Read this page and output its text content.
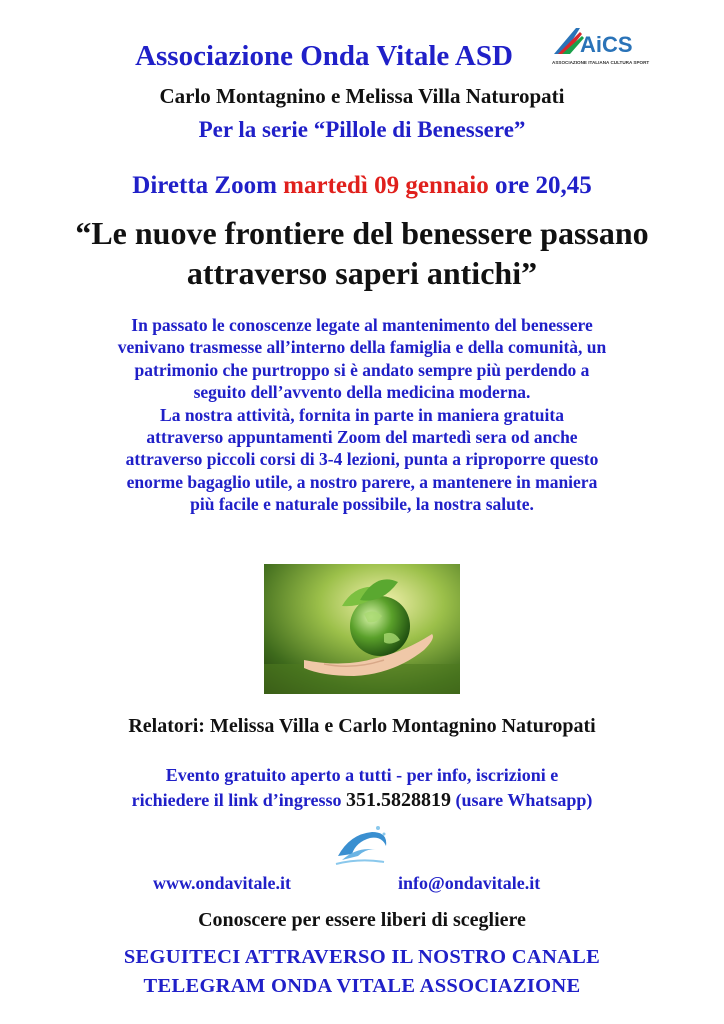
Associazione Onda Vitale ASD	AiCS
ASSOCIAZIONE ITALIANA CULTURA SPORT
Carlo Montagnino e Melissa Villa Naturopati
Per la serie “Pillole di Benessere”
Diretta Zoom martedì 09 gennaio ore 20,45
“Le nuove frontiere del benessere passano
attraverso saperi antichi”

In passato le conoscenze legate al mantenimento del benessere

venivano trasmesse all’interno della famiglia e della comunità, un

patrimonio che purtroppo si è andato sempre più perdendo a

seguito dell’avvento della medicina moderna.

La nostra attività, fornita in parte in maniera gratuita

attraverso appuntamenti Zoom del martedì sera od anche

attraverso piccoli corsi di 3-4 lezioni, punta a riproporre questo

enorme bagaglio utile, a nostro parere, a mantenere in maniera

più facile e naturale possibile, la nostra salute.

Relatori: Melissa Villa e Carlo Montagnino Naturopati
Evento gratuito aperto a tutti - per info, iscrizioni e
richiedere il link d’ingresso 351.5828819 (usare Whatsapp)
www.ondavitale.it	info@ondavitale.it
Conoscere per essere liberi di scegliere
SEGUITECI ATTRAVERSO IL NOSTRO CANALE
TELEGRAM ONDA VITALE ASSOCIAZIONE
